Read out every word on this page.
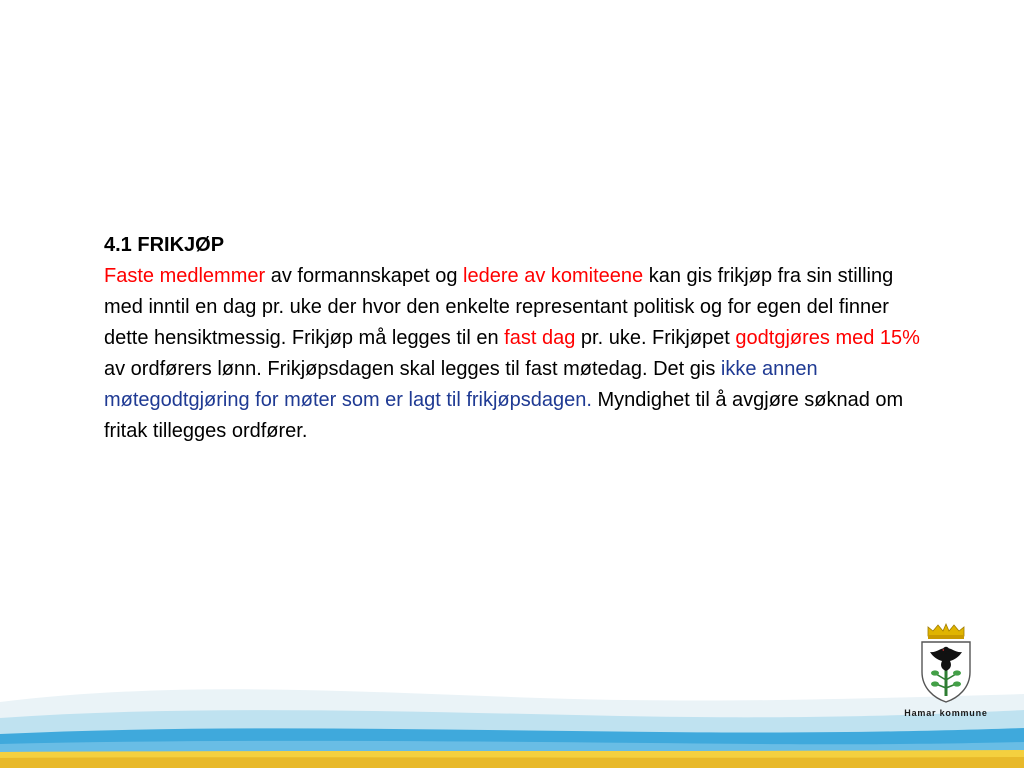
4.1 FRIKJØP
Faste medlemmer av formannskapet og ledere av komiteene kan gis frikjøp fra sin stilling med inntil en dag pr. uke der hvor den enkelte representant politisk og for egen del finner dette hensiktmessig. Frikjøp må legges til en fast dag pr. uke. Frikjøpet godtgjøres med 15% av ordførers lønn. Frikjøpsdagen skal legges til fast møtedag. Det gis ikke annen møtegodtgjøring for møter som er lagt til frikjøpsdagen. Myndighet til å avgjøre søknad om fritak tillegges ordfører.
Hamar kommune
